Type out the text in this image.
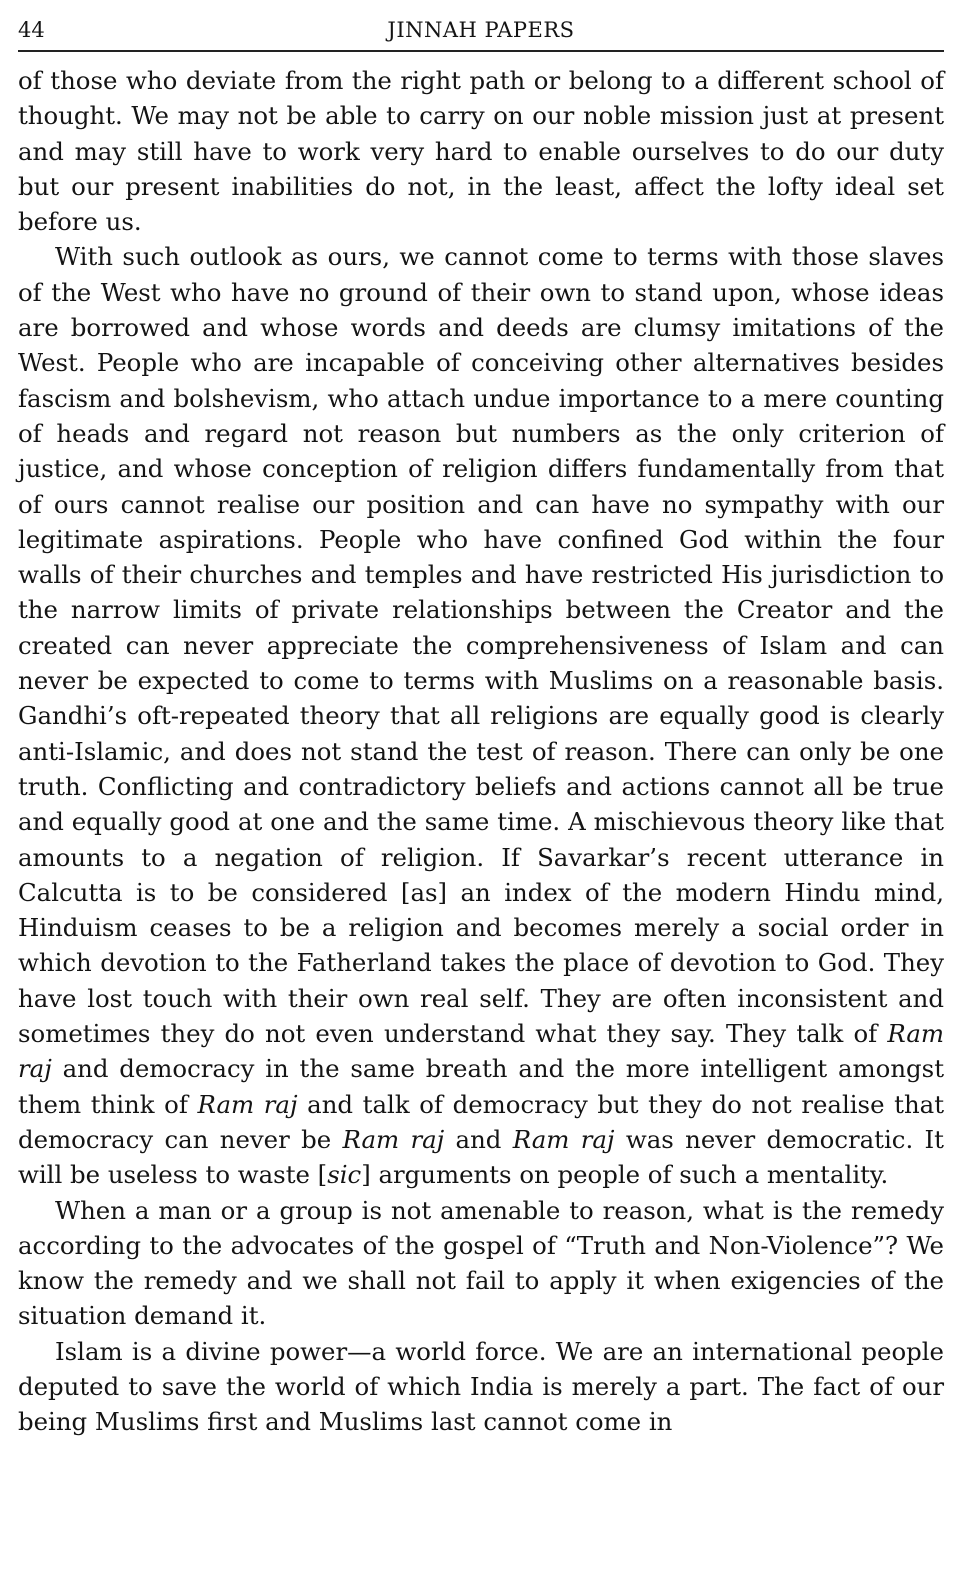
44	JINNAH PAPERS

of those who deviate from the right path or belong to a different school of thought. We may not be able to carry on our noble mission just at present and may still have to work very hard to enable ourselves to do our duty but our present inabilities do not, in the least, affect the lofty ideal set before us.

With such outlook as ours, we cannot come to terms with those slaves of the West who have no ground of their own to stand upon, whose ideas are borrowed and whose words and deeds are clumsy imitations of the West. People who are incapable of conceiving other alternatives besides fascism and bolshevism, who attach undue importance to a mere counting of heads and regard not reason but numbers as the only criterion of justice, and whose conception of religion differs fundamentally from that of ours cannot realise our position and can have no sympathy with our legitimate aspirations. People who have confined God within the four walls of their churches and temples and have restricted His jurisdiction to the narrow limits of private relationships between the Creator and the created can never appreciate the comprehensiveness of Islam and can never be expected to come to terms with Muslims on a reasonable basis. Gandhi’s oft-repeated theory that all religions are equally good is clearly anti-Islamic, and does not stand the test of reason. There can only be one truth. Conflicting and contradictory beliefs and actions cannot all be true and equally good at one and the same time. A mischievous theory like that amounts to a negation of religion. If Savarkar’s recent utterance in Calcutta is to be considered [as] an index of the modern Hindu mind, Hinduism ceases to be a religion and becomes merely a social order in which devotion to the Fatherland takes the place of devotion to God. They have lost touch with their own real self. They are often inconsistent and sometimes they do not even understand what they say. They talk of Ram raj and democracy in the same breath and the more intelligent amongst them think of Ram raj and talk of democracy but they do not realise that democracy can never be Ram raj and Ram raj was never democratic. It will be useless to waste [sic] arguments on people of such a mentality.

When a man or a group is not amenable to reason, what is the remedy according to the advocates of the gospel of “Truth and Non-Violence”? We know the remedy and we shall not fail to apply it when exigencies of the situation demand it.

Islam is a divine power—a world force. We are an international people deputed to save the world of which India is merely a part. The fact of our being Muslims first and Muslims last cannot come in
